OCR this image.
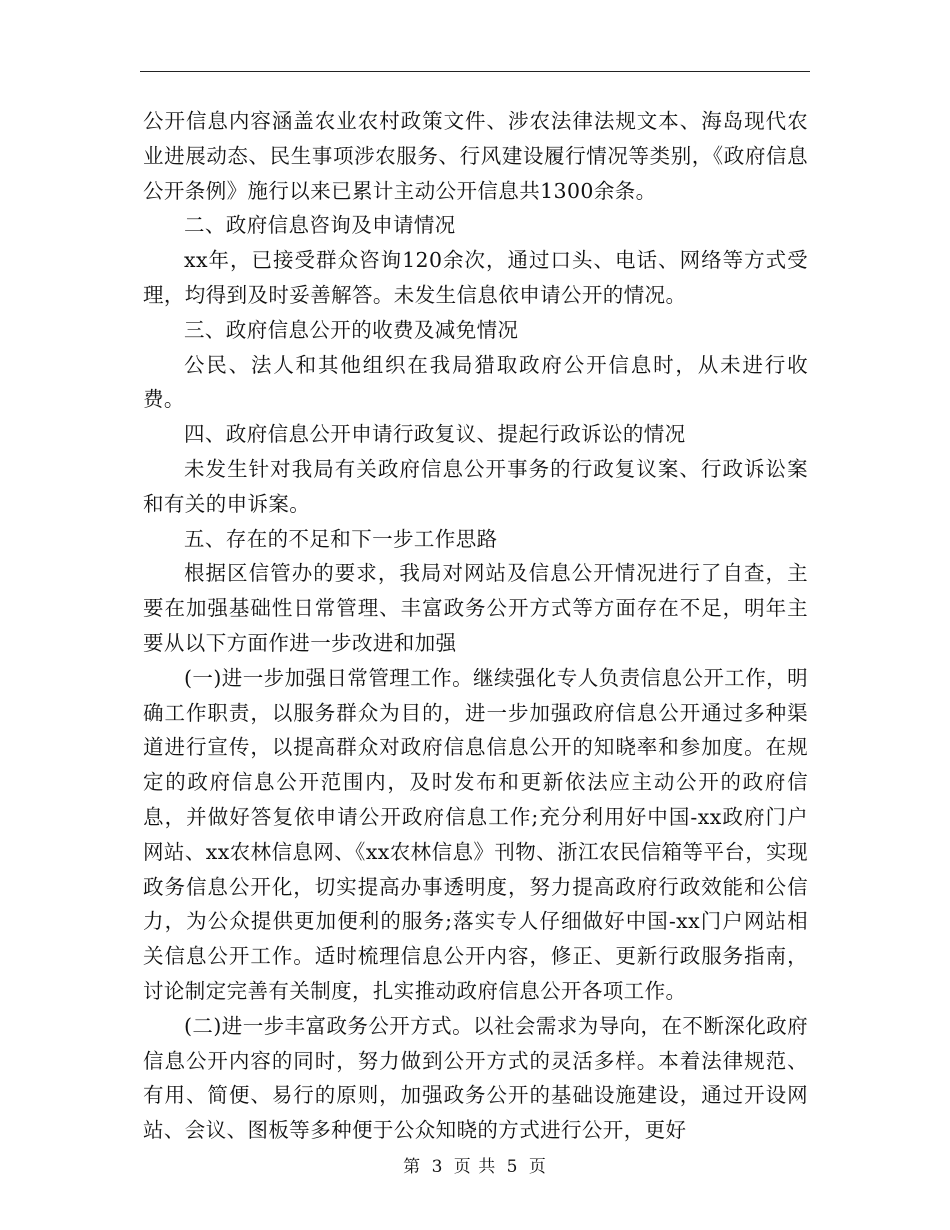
公开信息内容涵盖农业农村政策文件、涉农法律法规文本、海岛现代农业进展动态、民生事项涉农服务、行风建设履行情况等类别，《政府信息公开条例》施行以来已累计主动公开信息共1300余条。

二、政府信息咨询及申请情况

xx年，已接受群众咨询120余次，通过口头、电话、网络等方式受理，均得到及时妥善解答。未发生信息依申请公开的情况。

三、政府信息公开的收费及减免情况

公民、法人和其他组织在我局猎取政府公开信息时，从未进行收费。

四、政府信息公开申请行政复议、提起行政诉讼的情况

未发生针对我局有关政府信息公开事务的行政复议案、行政诉讼案和有关的申诉案。

五、存在的不足和下一步工作思路

根据区信管办的要求，我局对网站及信息公开情况进行了自查，主要在加强基础性日常管理、丰富政务公开方式等方面存在不足，明年主要从以下方面作进一步改进和加强

(一)进一步加强日常管理工作。继续强化专人负责信息公开工作，明确工作职责，以服务群众为目的，进一步加强政府信息公开通过多种渠道进行宣传，以提高群众对政府信息信息公开的知晓率和参加度。在规定的政府信息公开范围内，及时发布和更新依法应主动公开的政府信息，并做好答复依申请公开政府信息工作;充分利用好中国-xx政府门户网站、xx农林信息网、《xx农林信息》刊物、浙江农民信箱等平台，实现政务信息公开化，切实提高办事透明度，努力提高政府行政效能和公信力，为公众提供更加便利的服务;落实专人仔细做好中国-xx门户网站相关信息公开工作。适时梳理信息公开内容，修正、更新行政服务指南，讨论制定完善有关制度，扎实推动政府信息公开各项工作。

(二)进一步丰富政务公开方式。以社会需求为导向，在不断深化政府信息公开内容的同时，努力做到公开方式的灵活多样。本着法律规范、有用、简便、易行的原则，加强政务公开的基础设施建设，通过开设网站、会议、图板等多种便于公众知晓的方式进行公开，更好

第 3 页 共 5 页
